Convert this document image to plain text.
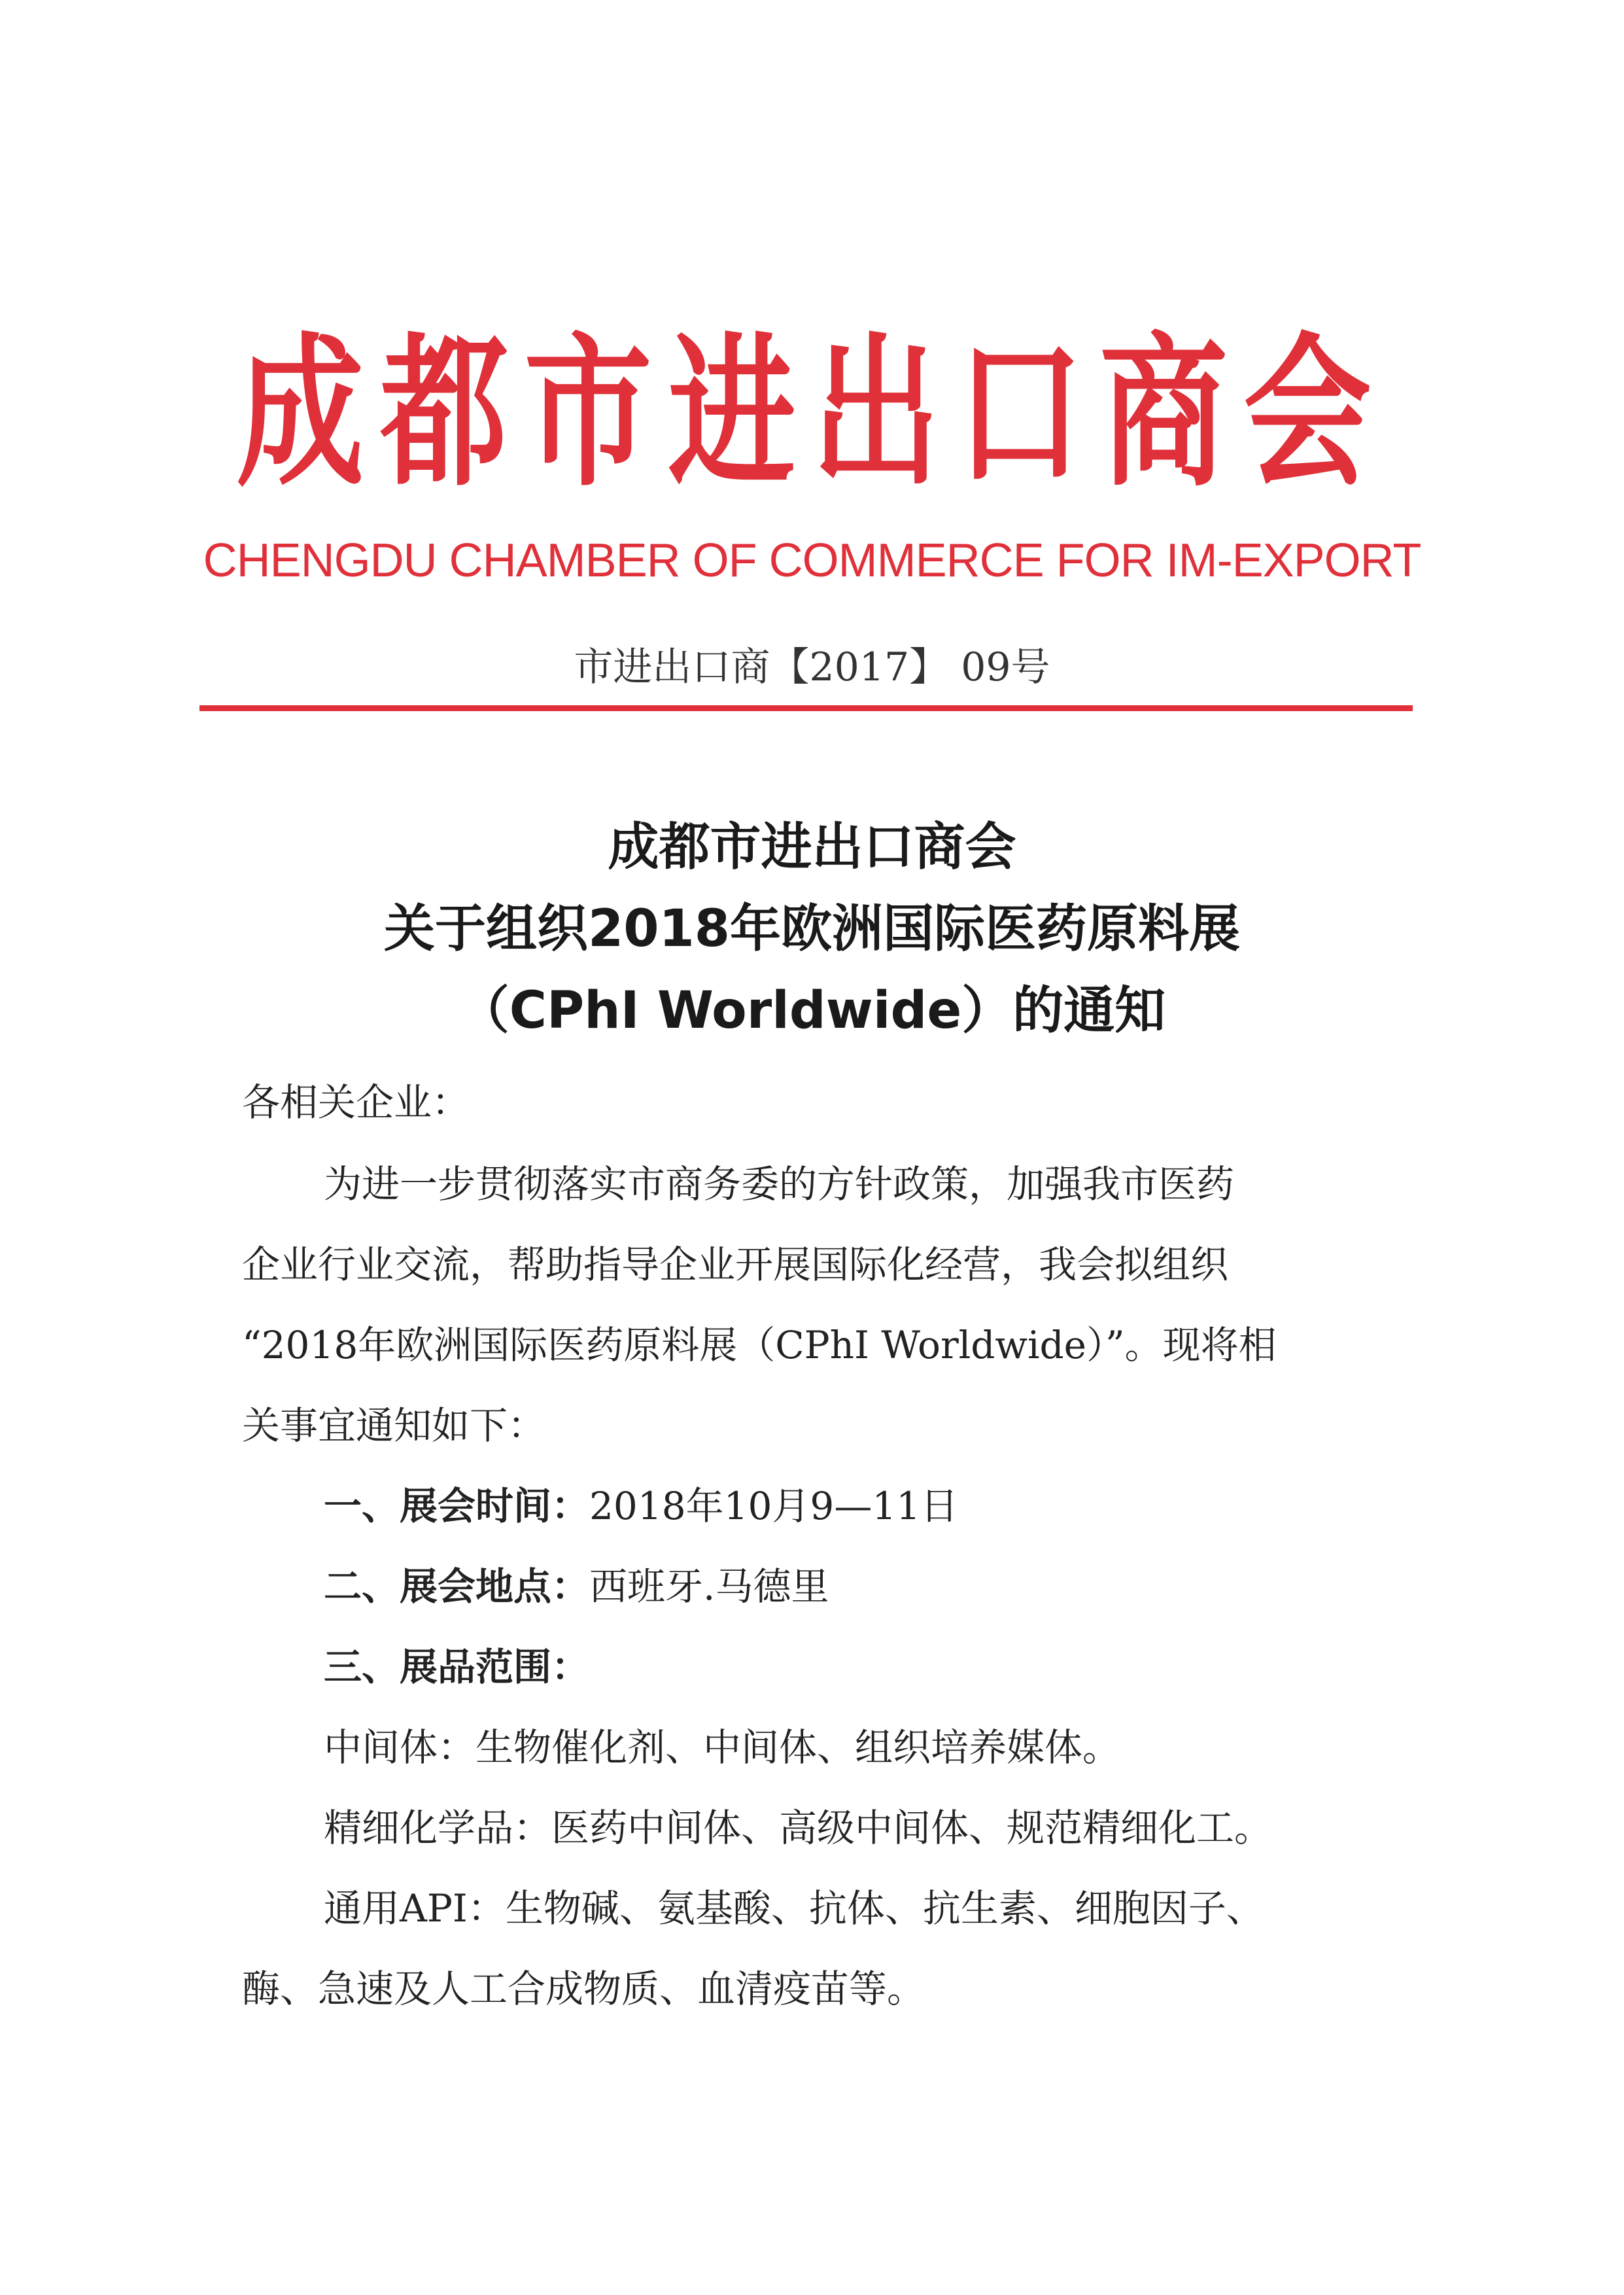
成都市进出口商会
CHENGDU CHAMBER OF COMMERCE FOR IM-EXPORT
市进出口商【2017】 09号
成都市进出口商会
关于组织2018年欧洲国际医药原料展
（CPhI Worldwide）的通知
各相关企业：
为进一步贯彻落实市商务委的方针政策，加强我市医药
企业行业交流，帮助指导企业开展国际化经营，我会拟组织
“2018年欧洲国际医药原料展（CPhI Worldwide）”。现将相
关事宜通知如下：
一、展会时间：2018年10月9—11日
二、展会地点：西班牙.马德里
三、展品范围：
中间体：生物催化剂、中间体、组织培养媒体。
精细化学品：医药中间体、高级中间体、规范精细化工。
通用API：生物碱、氨基酸、抗体、抗生素、细胞因子、
酶、急速及人工合成物质、血清疫苗等。
